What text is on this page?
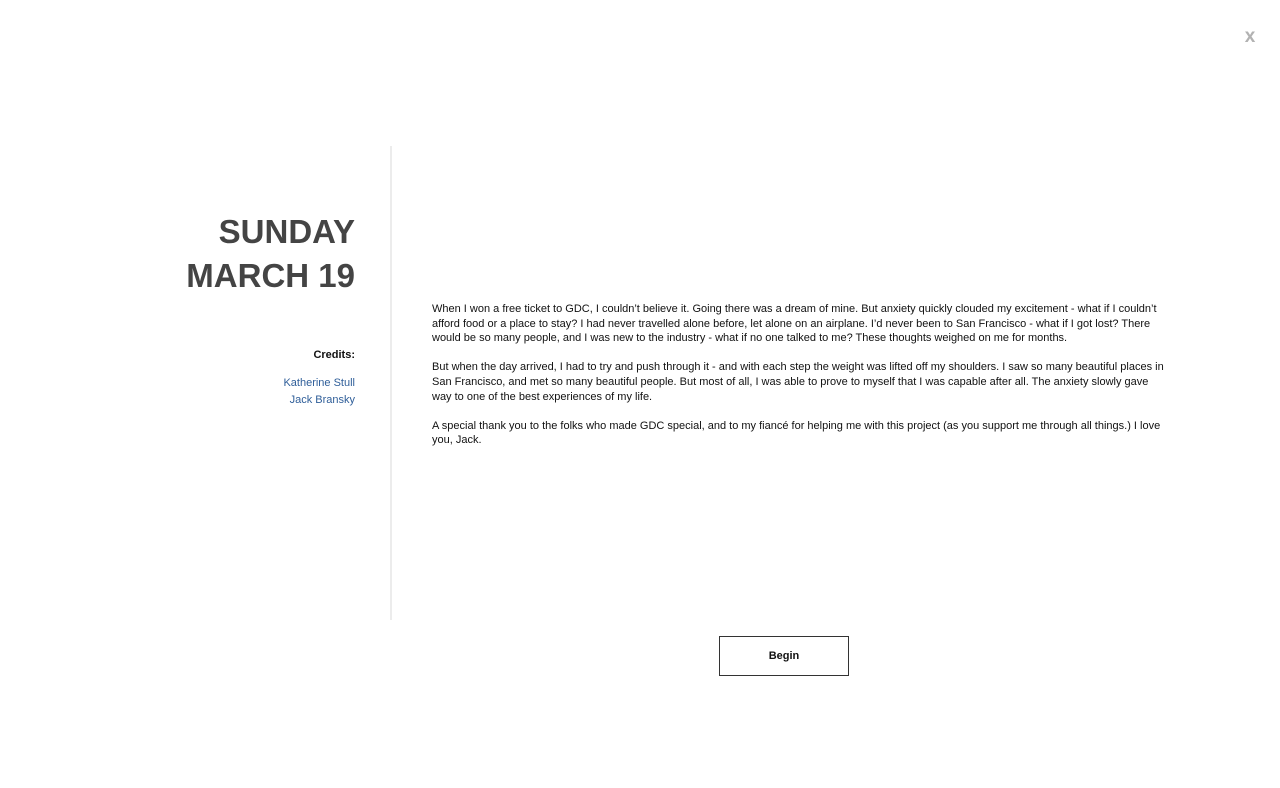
x
SUNDAY
MARCH 19
Credits:
Katherine Stull
Jack Bransky

When I won a free ticket to GDC, I couldn’t believe it. Going there was a dream of mine. But anxiety quickly clouded my excitement - what if I couldn’t afford food or a place to stay? I had never travelled alone before, let alone on an airplane. I’d never been to San Francisco - what if I got lost? There would be so many people, and I was new to the industry - what if no one talked to me? These thoughts weighed on me for months.

But when the day arrived, I had to try and push through it - and with each step the weight was lifted off my shoulders. I saw so many beautiful places in San Francisco, and met so many beautiful people. But most of all, I was able to prove to myself that I was capable after all. The anxiety slowly gave way to one of the best experiences of my life.

A special thank you to the folks who made GDC special, and to my fiancé for helping me with this project (as you support me through all things.) I love you, Jack.

Begin
